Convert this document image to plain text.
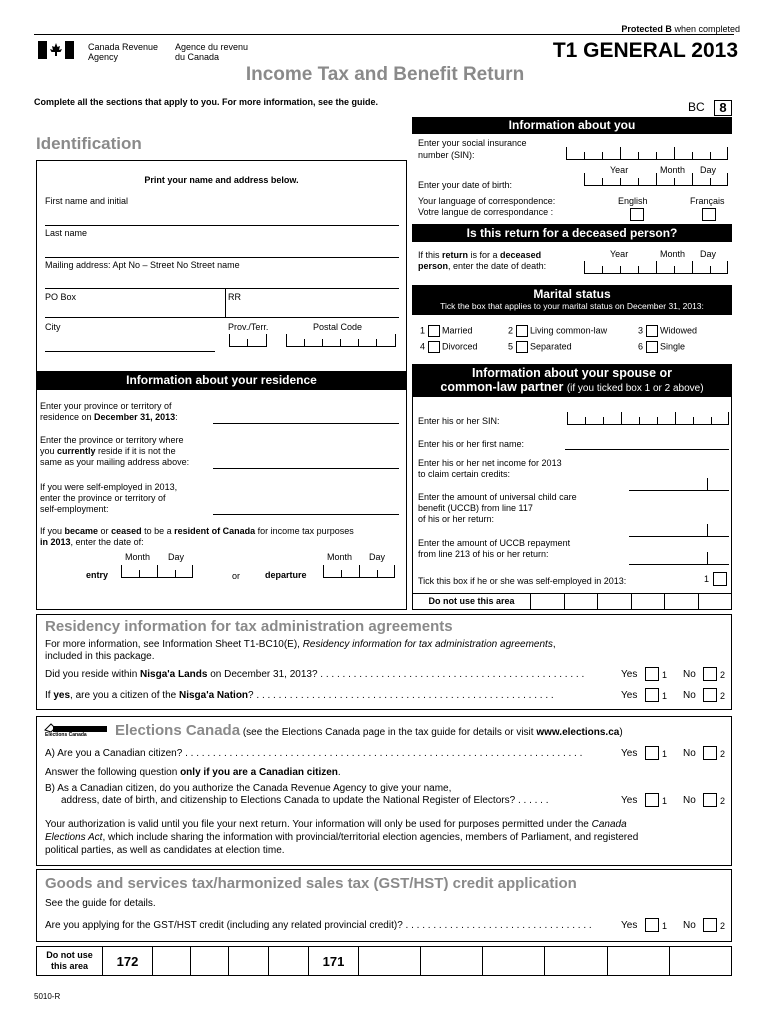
Protected B when completed
Canada Revenue
Agency
Agence du revenu
du Canada	T1 GENERAL 2013
Income Tax and Benefit Return
Complete all the sections that apply to you. For more information, see the guide.	BC	8
Identification
Print your name and address below.
First name and initial
Last name
Mailing address: Apt No – Street No Street name
PO Box	RR
City	Prov./Terr.	Postal Code
Information about your residence
Enter your province or territory of
residence on December 31, 2013:
Enter the province or territory where
you currently reside if it is not the
same as your mailing address above:
If you were self-employed in 2013,
enter the province or territory of
self-employment:
If you became or ceased to be a resident of Canada for income tax purposes
in 2013, enter the date of:
Month Day
entry	or
Month Day
departure
Information about you
Enter your social insurance
number (SIN):
Year	Month Day
Enter your date of birth:
Your language of correspondence:
Votre langue de correspondance :
English	Français
Is this return for a deceased person?
If this return is for a deceased
person, enter the date of death:
Year	Month Day
Marital status
Tick the box that applies to your marital status on December 31, 2013:
1 Married	2 Living common-law	3 Widowed
4 Divorced	5 Separated	6 Single
Information about your spouse or
common-law partner (if you ticked box 1 or 2 above)
Enter his or her SIN:
Enter his or her first name:
Enter his or her net income for 2013
to claim certain credits:
Enter the amount of universal child care
benefit (UCCB) from line 117
of his or her return:
Enter the amount of UCCB repayment
from line 213 of his or her return:
Tick this box if he or she was self-employed in 2013:	1
Do not use this area						
Residency information for tax administration agreements
For more information, see Information Sheet T1-BC10(E), Residency information for tax administration agreements,
included in this package.
Did you reside within Nisga'a Lands on December 31, 2013? . . . . . . . . . . . . . . . . . . . . . . . . . . . . . . . . . . . . . . . . . . . . . . . .	Yes	1 No	2
If yes, are you a citizen of the Nisga'a Nation? . . . . . . . . . . . . . . . . . . . . . . . . . . . . . . . . . . . . . . . . . . . . . . . . . . . . . .	Yes	1 No	2
Elections Canada Elections Canada (see the Elections Canada page in the tax guide for details or visit www.elections.ca)
A) Are you a Canadian citizen? . . . . . . . . . . . . . . . . . . . . . . . . . . . . . . . . . . . . . . . . . . . . . . . . . . . . . . . . . . . . . . . . . . . . . . . .	Yes	1 No	2
Answer the following question only if you are a Canadian citizen.
B) As a Canadian citizen, do you authorize the Canada Revenue Agency to give your name,
address, date of birth, and citizenship to Elections Canada to update the National Register of Electors? . . . . . .	Yes	1 No	2
Your authorization is valid until you file your next return. Your information will only be used for purposes permitted under the Canada
Elections Act, which include sharing the information with provincial/territorial election agencies, members of Parliament, and registered
political parties, as well as candidates at election time.
Goods and services tax/harmonized sales tax (GST/HST) credit application
See the guide for details.
Are you applying for the GST/HST credit (including any related provincial credit)? . . . . . . . . . . . . . . . . . . . . . . . . . . . . . . . . . .	Yes	1 No	2
Do not use
this area	172					171						
5010-R
